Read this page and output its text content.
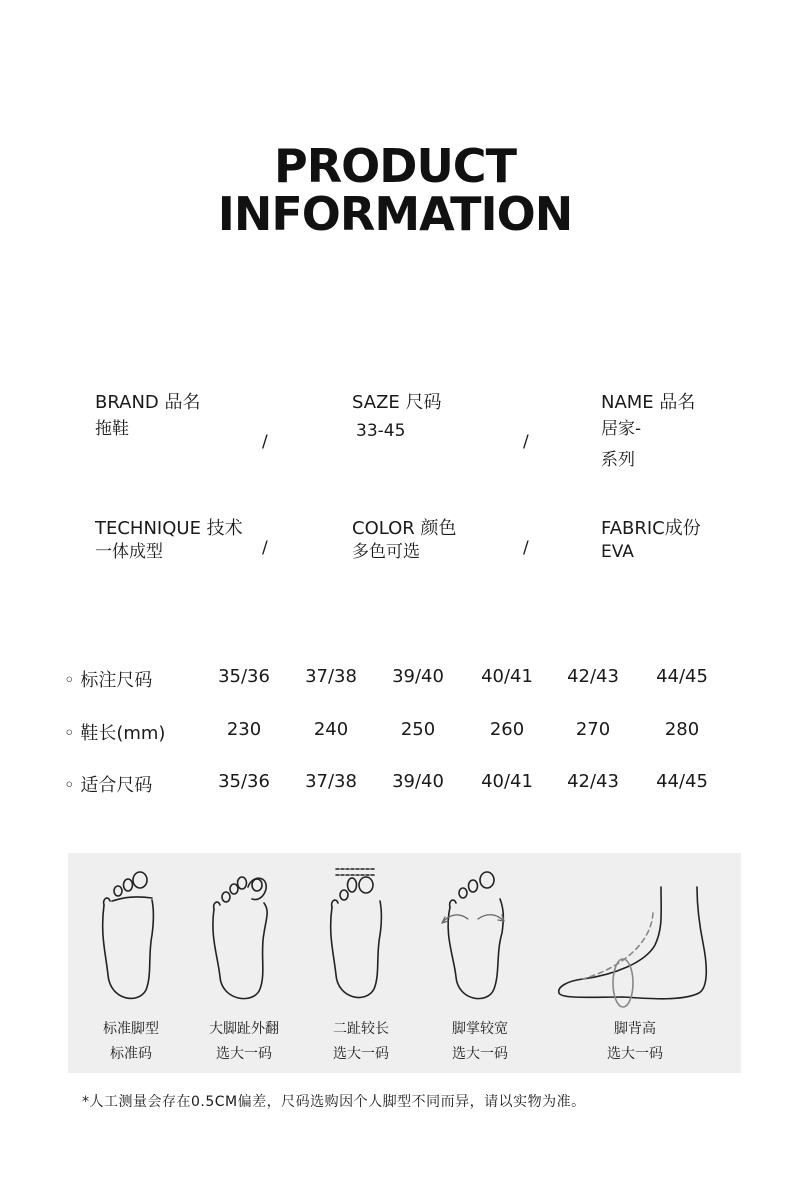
PRODUCT
INFORMATION
BRAND 品名
拖鞋
/
SAZE 尺码
33-45
/
NAME 品名
居家-
系列
TECHNIQUE 技术
一体成型	/
COLOR 颜色
多色可选	/
FABRIC成份
EVA
◦ 标注尺码	35/36	37/38	39/40	40/41	42/43	44/45
◦ 鞋长(mm)	230	240	250	260	270	280
◦ 适合尺码	35/36	37/38	39/40	40/41	42/43	44/45
标准脚型
标准码
大脚趾外翻
选大一码
二趾较长
选大一码
脚掌较宽
选大一码
脚背高
选大一码
*人工测量会存在0.5CM偏差，尺码选购因个人脚型不同而异，请以实物为准。
